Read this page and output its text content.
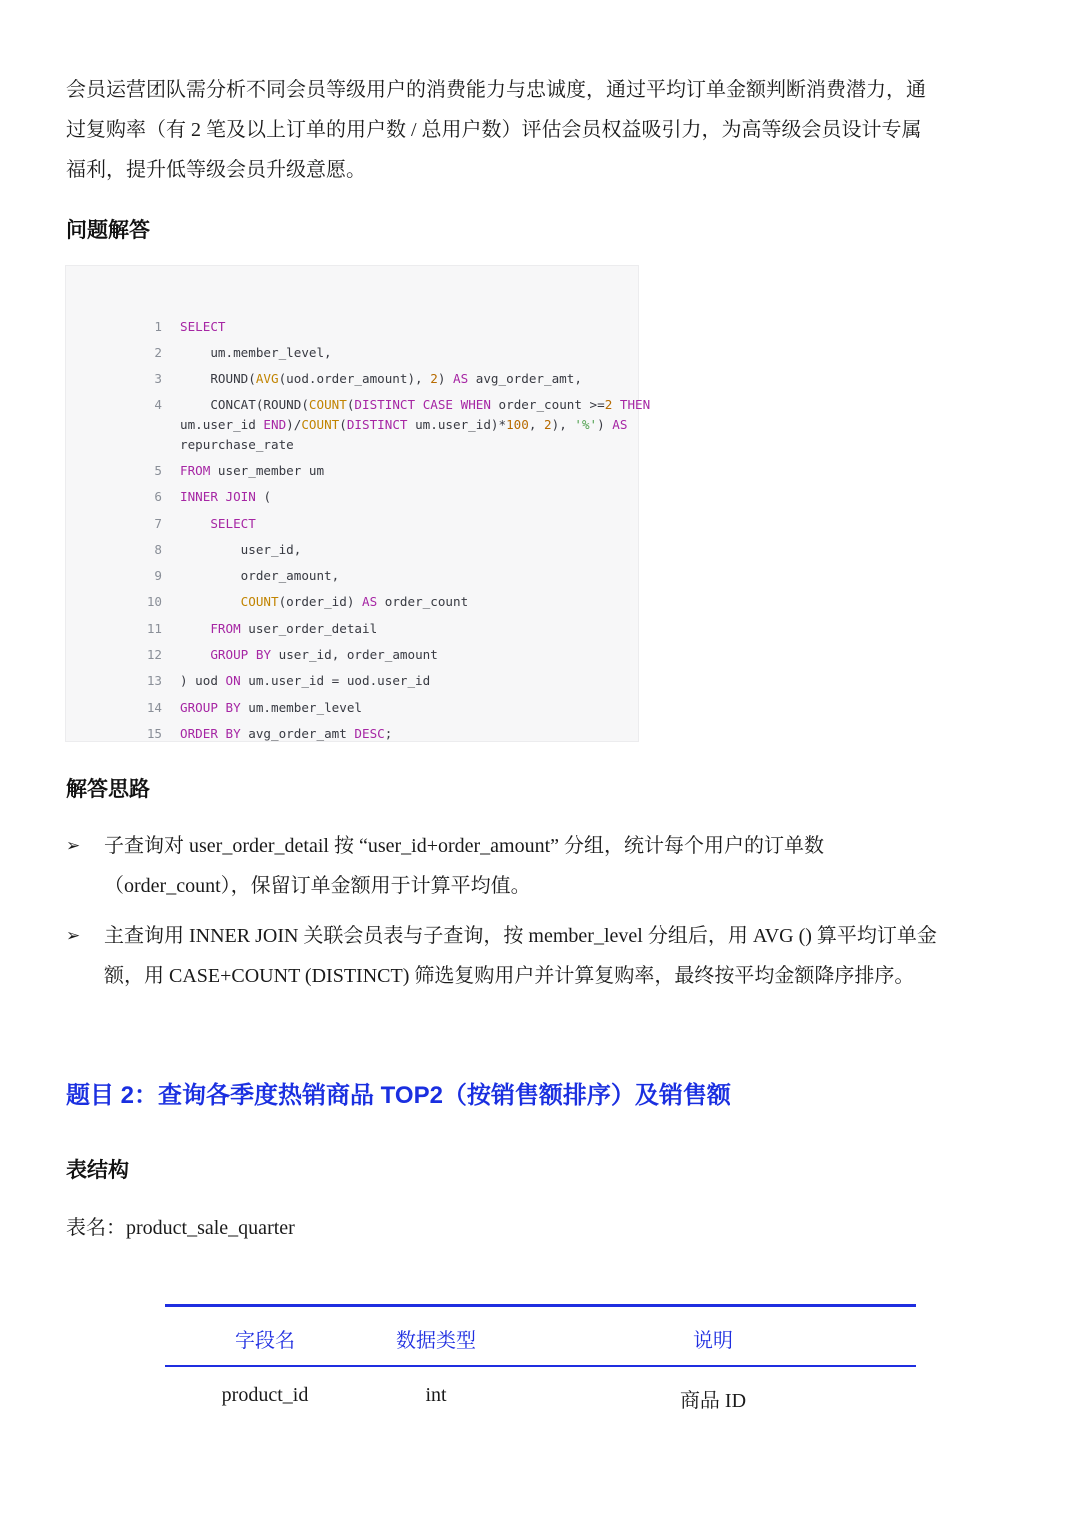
会员运营团队需分析不同会员等级用户的消费能力与忠诚度，通过平均订单金额判断消费潜力，通

过复购率（有 2 笔及以上订单的用户数 / 总用户数）评估会员权益吸引力，为高等级会员设计专属

福利，提升低等级会员升级意愿。

问题解答

1 SELECT

2 um.member_level,

3 ROUND(AVG(uod.order_amount), 2) AS avg_order_amt,

4 CONCAT(ROUND(COUNT(DISTINCT CASE WHEN order_count >=2 THEN

um.user_id END)/COUNT(DISTINCT um.user_id)*100, 2), '%') AS

repurchase_rate

5 FROM user_member um

6 INNER JOIN (

7	SELECT

8 user_id,

9 order_amount,

10	COUNT(order_id) AS order_count

11	FROM user_order_detail

12	GROUP BY user_id, order_amount

13 ) uod ON um.user_id = uod.user_id

14 GROUP BY um.member_level

15 ORDER BY avg_order_amt DESC;

解答思路
➢ 子查询对 user_order_detail 按 “user_id+order_amount” 分组，统计每个用户的订单数
（order_count），保留订单金额用于计算平均值。
➢ 主查询用 INNER JOIN 关联会员表与子查询，按 member_level 分组后，用 AVG () 算平均订单金
额，用 CASE+COUNT (DISTINCT) 筛选复购用户并计算复购率，最终按平均金额降序排序。
题目 2：查询各季度热销商品 TOP2（按销售额排序）及销售额
表结构
表名：product_sale_quarter
字段名	数据类型	说明
product_id	int	商品 ID
